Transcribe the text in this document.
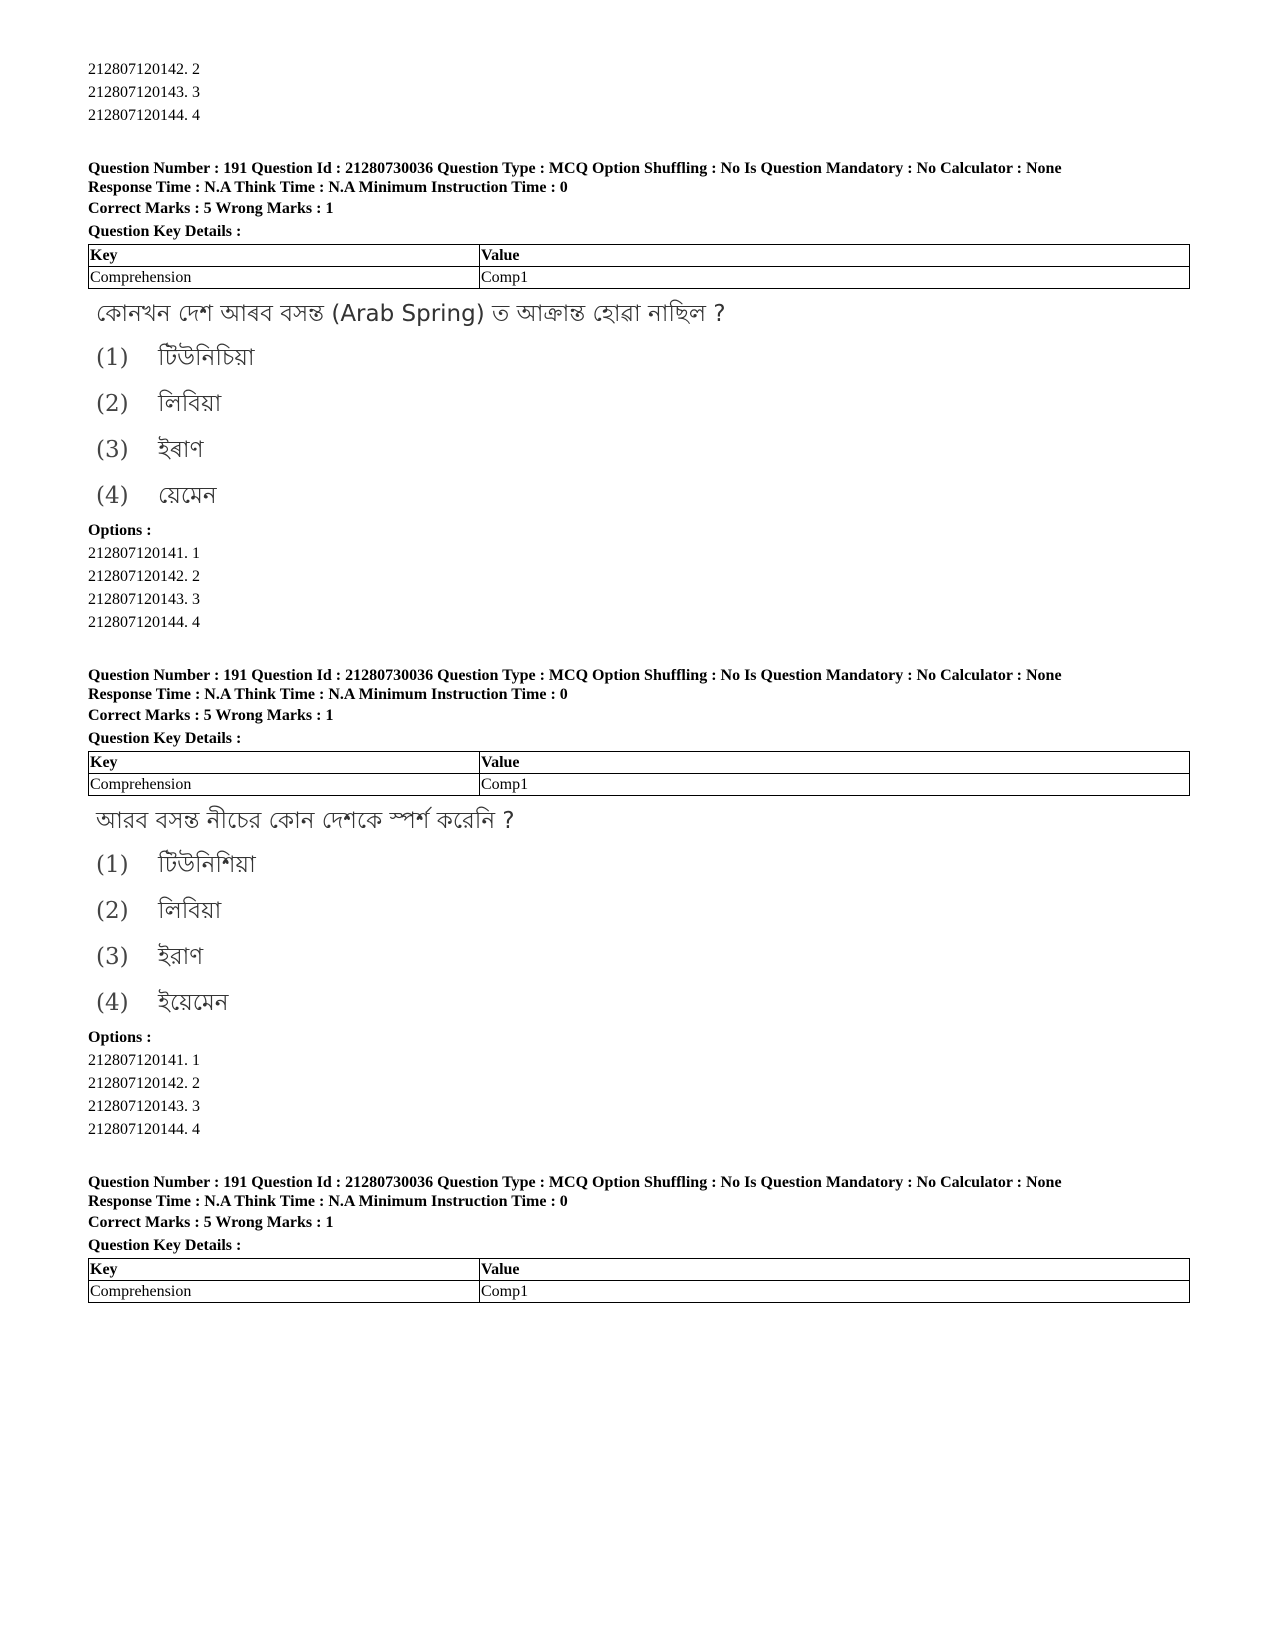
212807120142. 2
212807120143. 3
212807120144. 4
Question Number : 191 Question Id : 21280730036 Question Type : MCQ Option Shuffling : No Is Question Mandatory : No Calculator : None
Response Time : N.A Think Time : N.A Minimum Instruction Time : 0
Correct Marks : 5 Wrong Marks : 1
Question Key Details :
Key	Value
Comprehension	Comp1
কোনখন দেশ আৰব বসন্ত (Arab Spring) ত আক্ৰান্ত হোৱা নাছিল ?
(1) টিউনিচিয়া
(2) লিবিয়া
(3) ইৰাণ
(4) য়েমেন
Options :
212807120141. 1
212807120142. 2
212807120143. 3
212807120144. 4
Question Number : 191 Question Id : 21280730036 Question Type : MCQ Option Shuffling : No Is Question Mandatory : No Calculator : None
Response Time : N.A Think Time : N.A Minimum Instruction Time : 0
Correct Marks : 5 Wrong Marks : 1
Question Key Details :
Key	Value
Comprehension	Comp1
আরব বসন্ত নীচের কোন দেশকে স্পর্শ করেনি ?
(1) টিউনিশিয়া
(2) লিবিয়া
(3) ইরাণ
(4) ইয়েমেন
Options :
212807120141. 1
212807120142. 2
212807120143. 3
212807120144. 4
Question Number : 191 Question Id : 21280730036 Question Type : MCQ Option Shuffling : No Is Question Mandatory : No Calculator : None
Response Time : N.A Think Time : N.A Minimum Instruction Time : 0
Correct Marks : 5 Wrong Marks : 1
Question Key Details :
Key	Value
Comprehension	Comp1
